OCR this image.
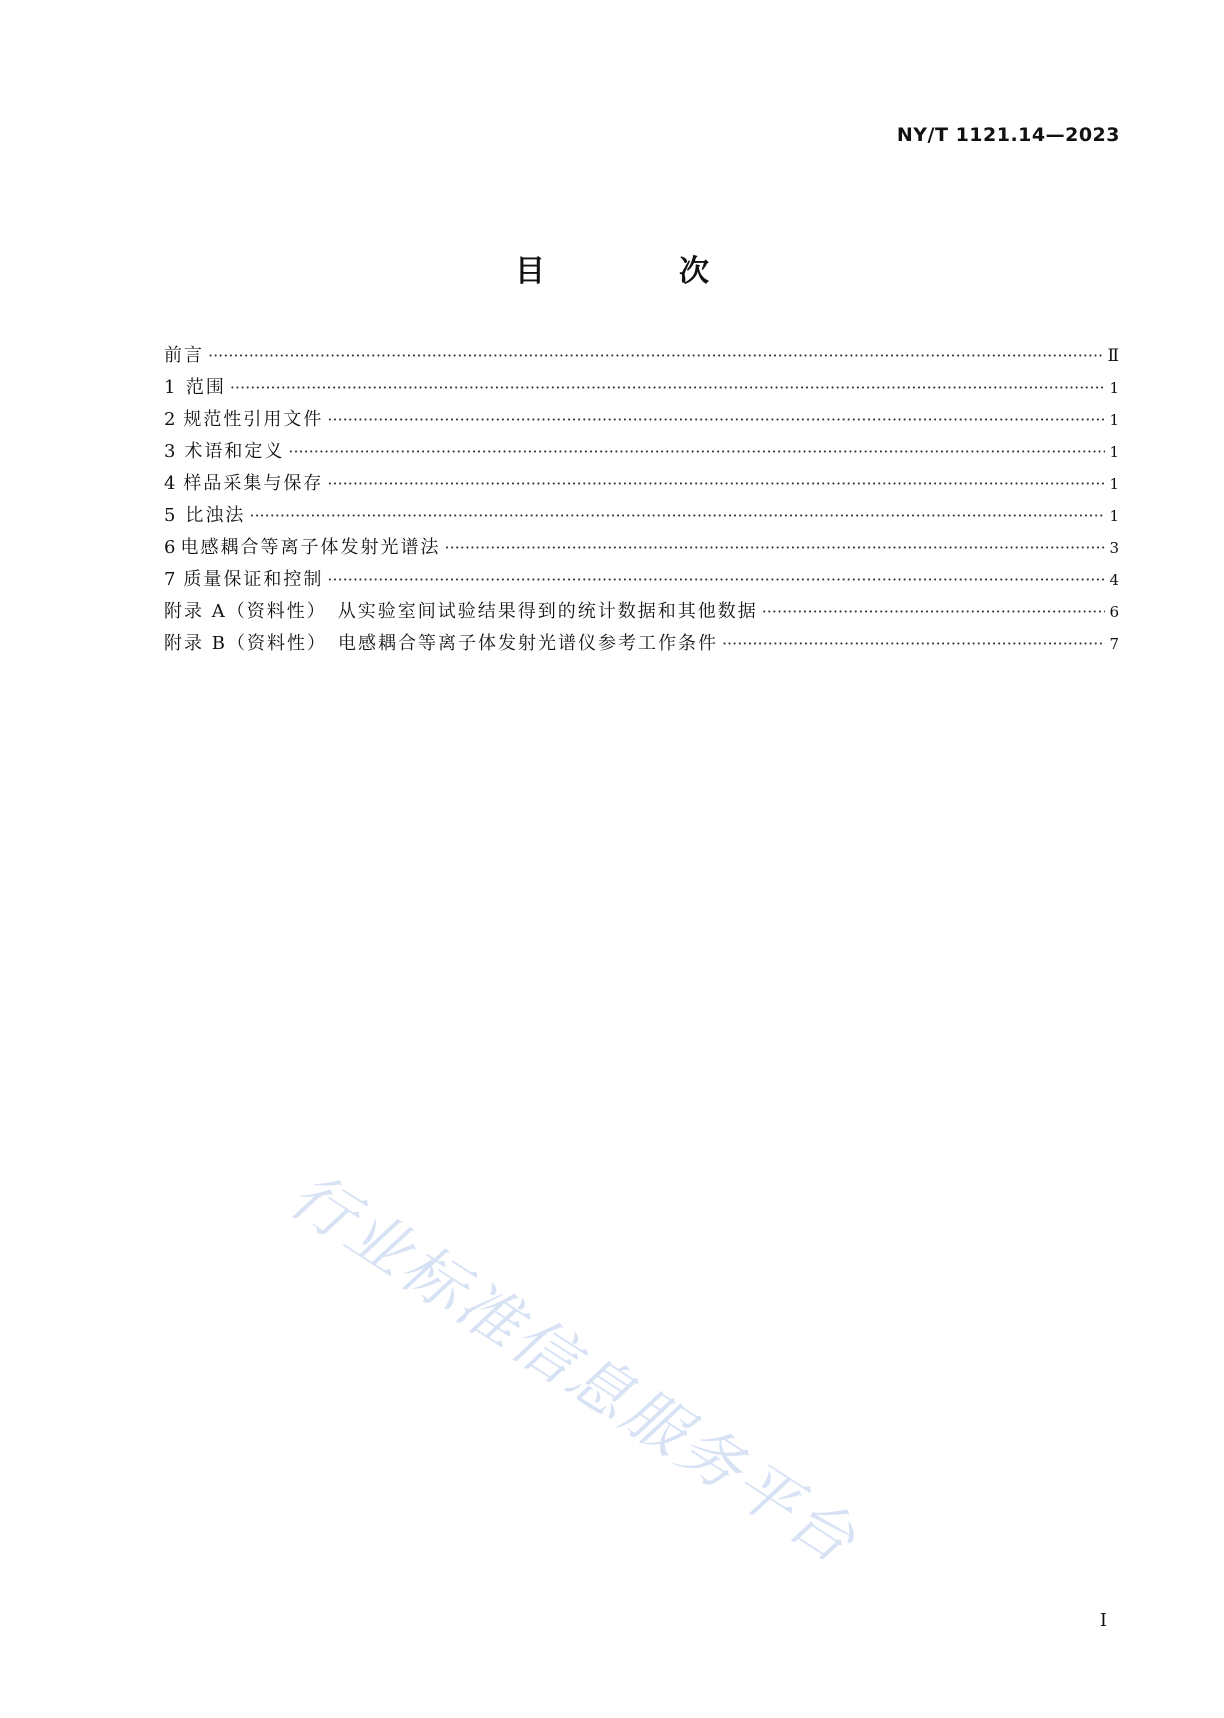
NY/T 1121.14—2023
目　次
前言 ·····	Ⅱ
1 范围 ·····	1
2 规范性引用文件 ·····	1
3 术语和定义 ·····	1
4 样品采集与保存 ·····	1
5 比浊法 ·····	1
6 电感耦合等离子体发射光谱法 ·····	3
7 质量保证和控制 ·····	4
附录 A（资料性）　从实验室间试验结果得到的统计数据和其他数据 ·····	6
附录 B（资料性）　电感耦合等离子体发射光谱仪参考工作条件 ·····	7
行业标准信息服务平台
I
